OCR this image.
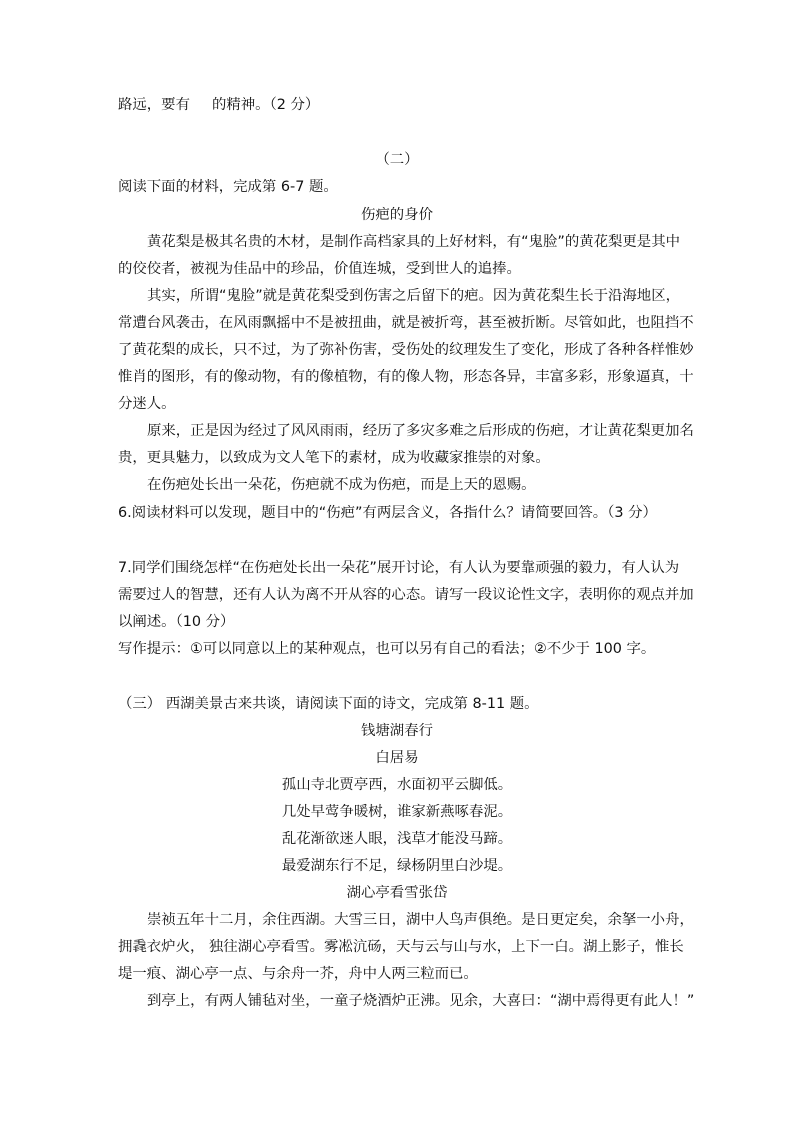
路远，要有 的精神。（2 分）
（二）
阅读下面的材料，完成第 6-7 题。
伤疤的身价
黄花梨是极其名贵的木材，是制作高档家具的上好材料，有“鬼脸”的黄花梨更是其中
的佼佼者，被视为佳品中的珍品，价值连城，受到世人的追捧。
其实，所谓“鬼脸”就是黄花梨受到伤害之后留下的疤。因为黄花梨生长于沿海地区，
常遭台风袭击，在风雨飘摇中不是被扭曲，就是被折弯，甚至被折断。尽管如此，也阻挡不
了黄花梨的成长，只不过，为了弥补伤害，受伤处的纹理发生了变化，形成了各种各样惟妙
惟肖的图形，有的像动物，有的像植物，有的像人物，形态各异，丰富多彩，形象逼真，十
分迷人。
原来，正是因为经过了风风雨雨，经历了多灾多难之后形成的伤疤，才让黄花梨更加名
贵，更具魅力，以致成为文人笔下的素材，成为收藏家推崇的对象。
在伤疤处长出一朵花，伤疤就不成为伤疤，而是上天的恩赐。
6.阅读材料可以发现，题目中的“伤疤”有两层含义，各指什么？请简要回答。（3 分）
7.同学们围绕怎样“在伤疤处长出一朵花”展开讨论，有人认为要靠顽强的毅力，有人认为
需要过人的智慧，还有人认为离不开从容的心态。请写一段议论性文字，表明你的观点并加
以阐述。（10 分）
写作提示：①可以同意以上的某种观点，也可以另有自己的看法；②不少于 100 字。
（三） 西湖美景古来共谈，请阅读下面的诗文，完成第 8-11 题。
钱塘湖春行
白居易
孤山寺北贾亭西，水面初平云脚低。
几处早莺争暖树，谁家新燕啄春泥。
乱花渐欲迷人眼，浅草才能没马蹄。
最爱湖东行不足，绿杨阴里白沙堤。
湖心亭看雪张岱
崇祯五年十二月，余住西湖。大雪三日，湖中人鸟声俱绝。是日更定矣，余拏一小舟，
拥毳衣炉火， 独往湖心亭看雪。雾凇沆砀，天与云与山与水，上下一白。湖上影子，惟长
堤一痕、湖心亭一点、与余舟一芥，舟中人两三粒而已。
到亭上，有两人铺毡对坐，一童子烧酒炉正沸。见余，大喜曰：“湖中焉得更有此人！”
